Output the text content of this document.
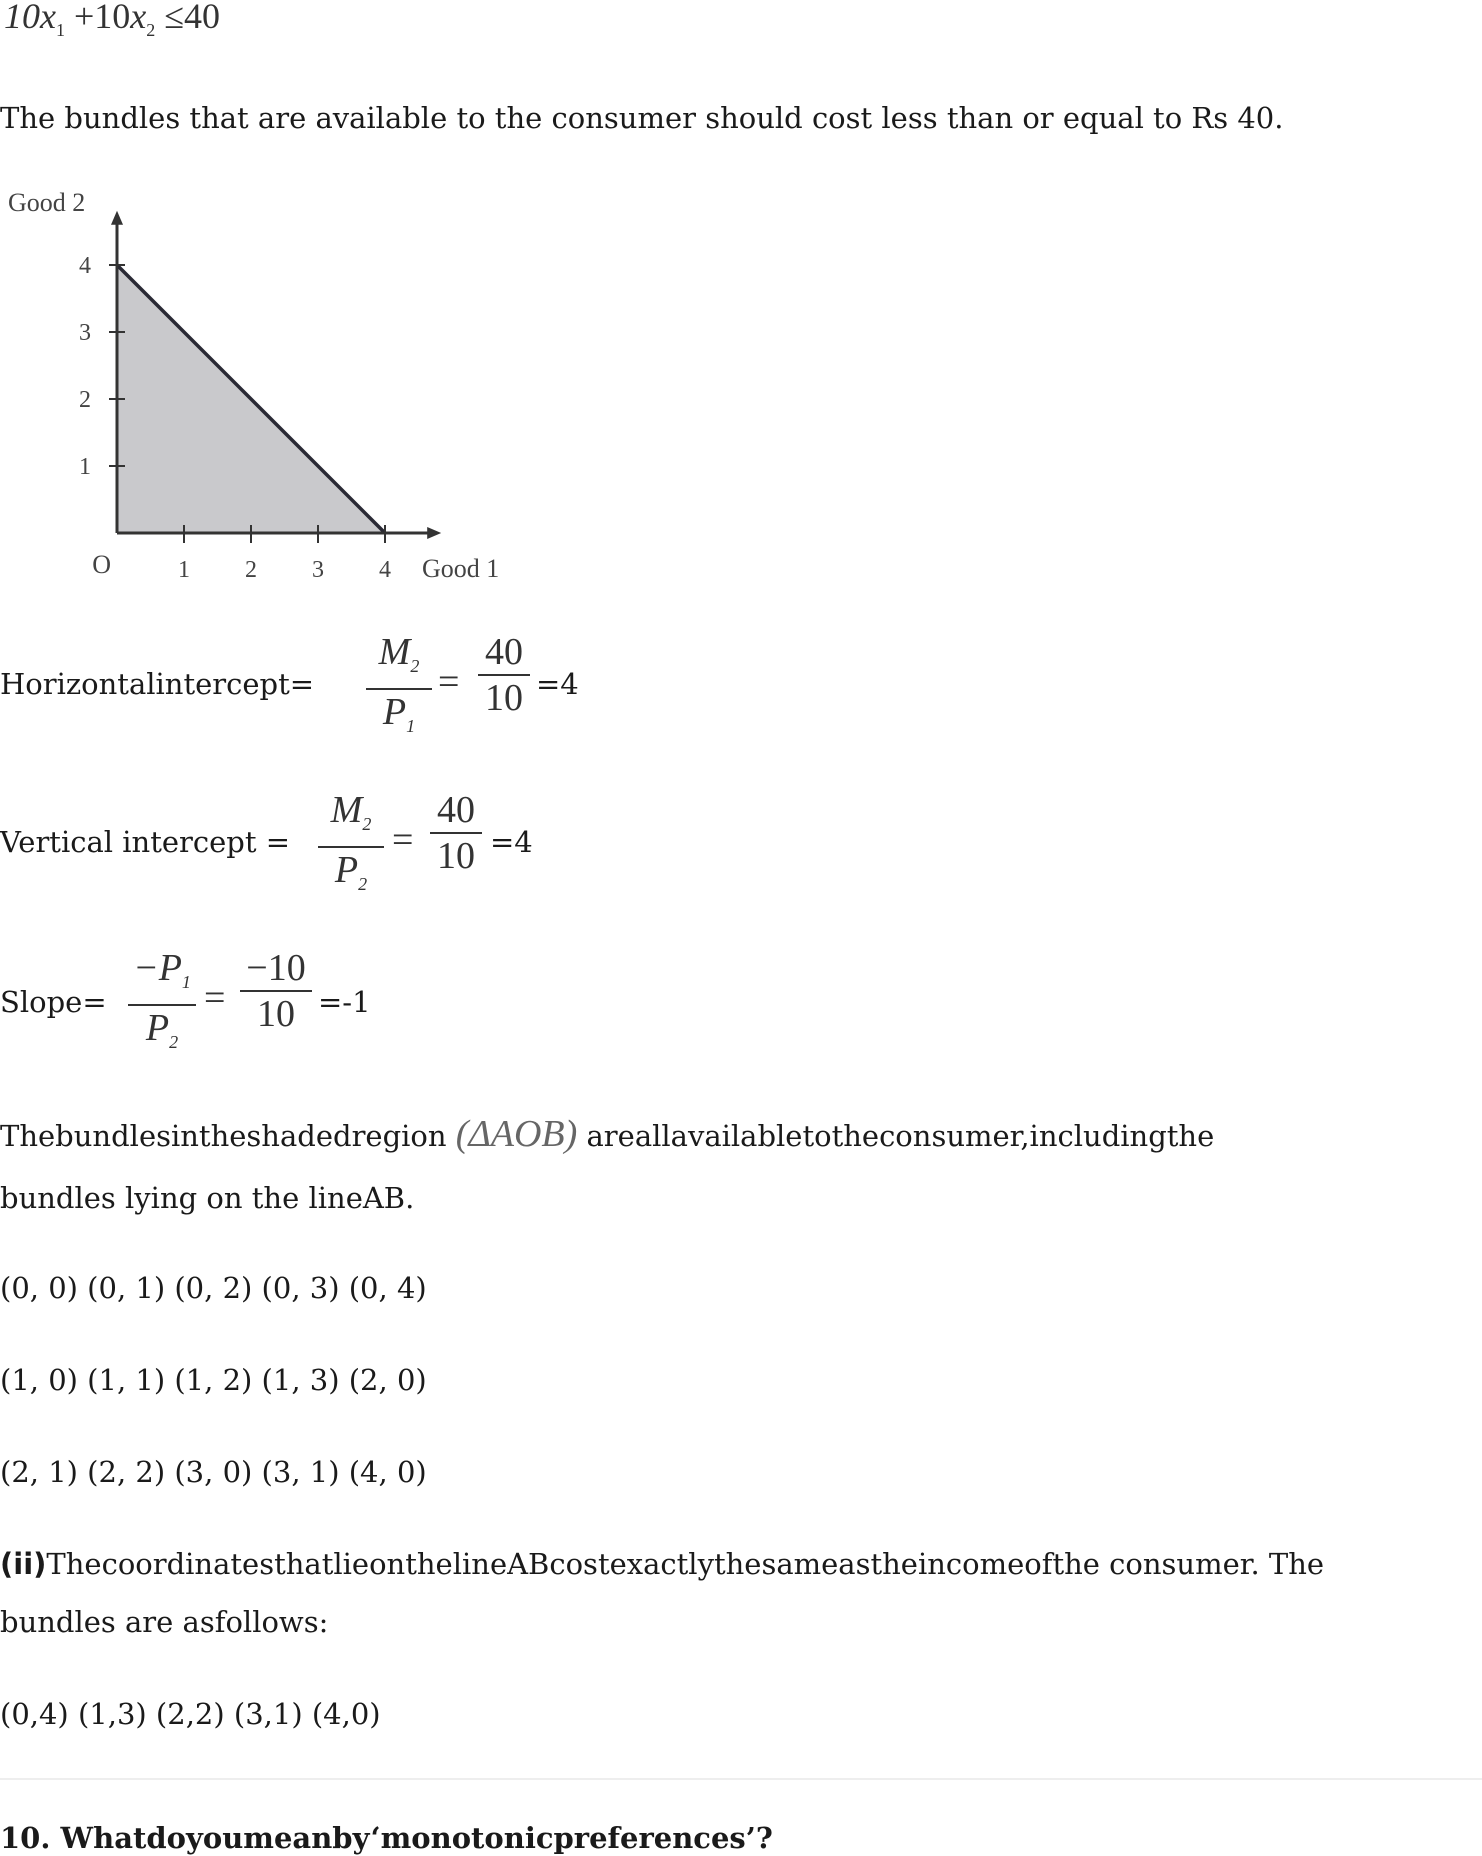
$10x_1 +10x_2 \le 40$
The bundles that are available to the consumer should cost less than or equal to Rs 40.
1
2
3
4
1 2 3 4
O
Good 2
Good 1
Horizontalintercept=
$M_2$
$P_1$
=
40
10 =4
Vertical intercept =
$M_2$
$P_2$
=
40
10 =4
Slope=
$-P_1$
$P_2$
=
−10
10 =-1
Thebundlesintheshadedregion (ΔAOB) areallavailabletotheconsumer,includingthe
bundles lying on the lineAB.
(0, 0) (0, 1) (0, 2) (0, 3) (0, 4)
(1, 0) (1, 1) (1, 2) (1, 3) (2, 0)
(2, 1) (2, 2) (3, 0) (3, 1) (4, 0)
(ii)ThecoordinatesthatlieonthelineABcostexactlythesameastheincomeofthe consumer. The
bundles are asfollows:
(0,4) (1,3) (2,2) (3,1) (4,0)
10. Whatdoyoumeanby‘monotonicpreferences’?
